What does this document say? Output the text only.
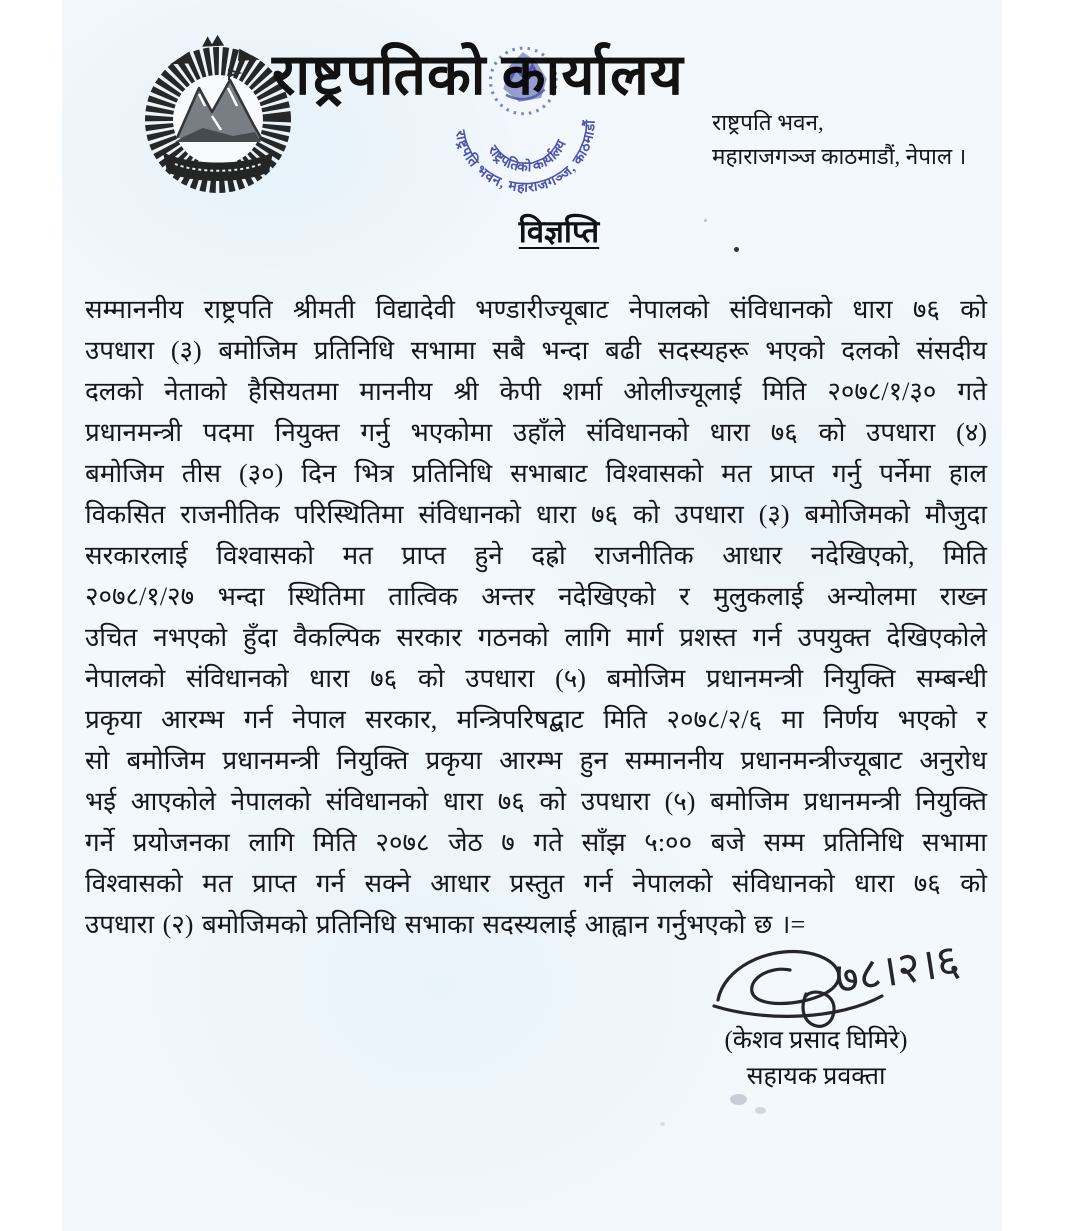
राष्ट्रपतिको कार्यालय
राष्ट्रपतिको कार्यालय
राष्ट्रपति भवन, महाराजगञ्ज, काठमाडौं	राष्ट्रपति भवन,
महाराजगञ्ज काठमाडौं, नेपाल ।
विज्ञप्ति
सम्माननीय राष्ट्रपति श्रीमती विद्यादेवी भण्डारीज्यूबाट नेपालको संविधानको धारा ७६ को
उपधारा (३) बमोजिम प्रतिनिधि सभामा सबै भन्दा बढी सदस्यहरू भएको दलको संसदीय
दलको नेताको हैसियतमा माननीय श्री केपी शर्मा ओलीज्यूलाई मिति २०७८/१/३० गते
प्रधानमन्त्री पदमा नियुक्त गर्नु भएकोमा उहाँले संविधानको धारा ७६ को उपधारा (४)
बमोजिम तीस (३०) दिन भित्र प्रतिनिधि सभाबाट विश्वासको मत प्राप्त गर्नु पर्नेमा हाल
विकसित राजनीतिक परिस्थितिमा संविधानको धारा ७६ को उपधारा (३) बमोजिमको मौजुदा
सरकारलाई विश्वासको मत प्राप्त हुने दह्रो राजनीतिक आधार नदेखिएको, मिति
२०७८/१/२७ भन्दा स्थितिमा तात्विक अन्तर नदेखिएको र मुलुकलाई अन्योलमा राख्न
उचित नभएको हुँदा वैकल्पिक सरकार गठनको लागि मार्ग प्रशस्त गर्न उपयुक्त देखिएकोले
नेपालको संविधानको धारा ७६ को उपधारा (५) बमोजिम प्रधानमन्त्री नियुक्ति सम्बन्धी
प्रकृया आरम्भ गर्न नेपाल सरकार, मन्त्रिपरिषद्बाट मिति २०७८/२/६ मा निर्णय भएको र
सो बमोजिम प्रधानमन्त्री नियुक्ति प्रकृया आरम्भ हुन सम्माननीय प्रधानमन्त्रीज्यूबाट अनुरोध
भई आएकोले नेपालको संविधानको धारा ७६ को उपधारा (५) बमोजिम प्रधानमन्त्री नियुक्ति
गर्ने प्रयोजनका लागि मिति २०७८ जेठ ७ गते साँझ ५:०० बजे सम्म प्रतिनिधि सभामा
विश्वासको मत प्राप्त गर्न सक्ने आधार प्रस्तुत गर्न नेपालको संविधानको धारा ७६ को
उपधारा (२) बमोजिमको प्रतिनिधि सभाका सदस्यलाई आह्वान गर्नुभएको छ ।=
७८।२।६
(केशव प्रसाद घिमिरे)
सहायक प्रवक्ता
